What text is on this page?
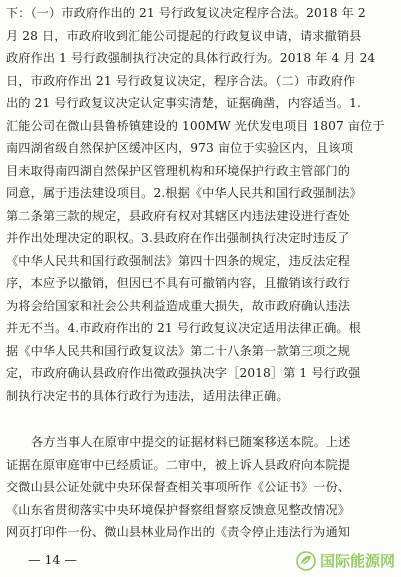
下：（一）市政府作出的 21 号行政复议决定程序合法。2018 年 2
月 28 日，市政府收到汇能公司提起的行政复议申请，请求撤销县
政府作出 1 号行政强制执行决定的具体行政行为。2018 年 4 月 24
日，市政府作出 21 号行政复议决定，程序合法。（二）市政府作
出的 21 号行政复议决定认定事实清楚，证据确凿，内容适当。1.
汇能公司在微山县鲁桥镇建设的 100MW 光伏发电项目 1807 亩位于
南四湖省级自然保护区缓冲区内，973 亩位于实验区内，且该项
目未取得南四湖自然保护区管理机构和环境保护行政主管部门的
同意，属于违法建设项目。2.根据《中华人民共和国行政强制法》
第二条第三款的规定，县政府有权对其辖区内违法建设进行查处
并作出处理决定的职权。3.县政府在作出强制执行决定时违反了
《中华人民共和国行政强制法》第四十四条的规定，违反法定程
序，本应予以撤销，但因已不具有可撤销内容，且撤销该行政行
为将会给国家和社会公共利益造成重大损失，故市政府确认违法
并无不当。4.市政府作出的 21 号行政复议决定适用法律正确。根
据《中华人民共和国行政复议法》第二十八条第一款第三项之规
定，市政府确认县政府作出徵政强执决字［2018］第 1 号行政强
制执行决定书的具体行政行为违法，适用法律正确。
各方当事人在原审中提交的证据材料已随案移送本院。上述
证据在原审庭审中已经质证。二审中，被上诉人县政府向本院提
交微山县公证处就中央环保督查相关事项所作《公证书》一份、
《山东省贯彻落实中央环境保护督察组督察反馈意见整改情况》
网页打印件一份、微山县林业局作出的《责令停止违法行为通知
— 14 —	国际能源网
